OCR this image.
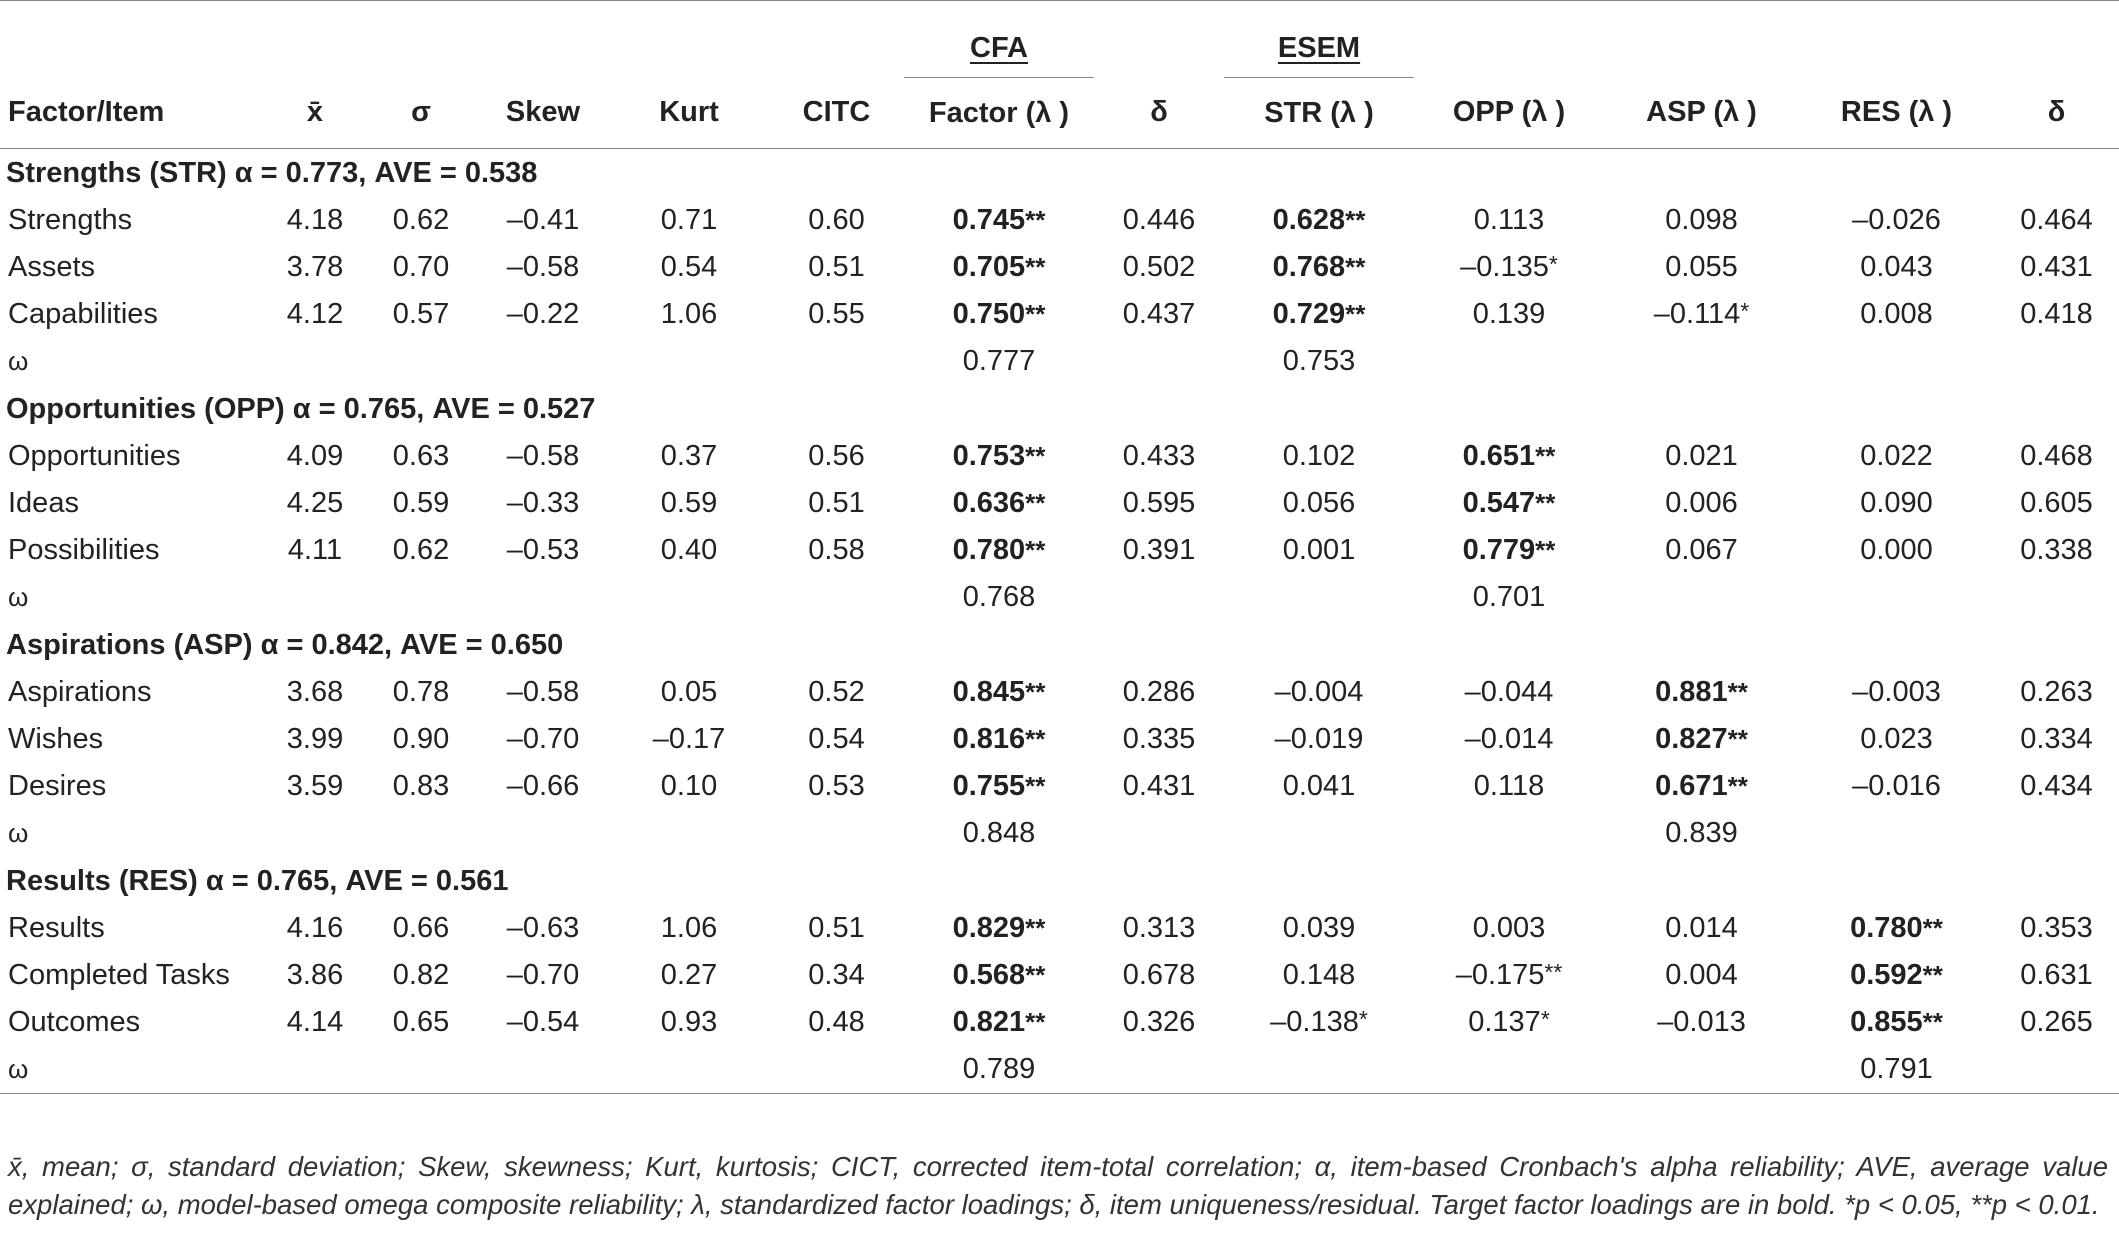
						CFA		ESEM				

Factor/Item	x̄	σ	Skew	Kurt	CITC	Factor (λ )	δ	STR (λ )	OPP (λ )	ASP (λ )	RES (λ )	δ
Strengths (STR) α = 0.773, AVE = 0.538												
Strengths	4.18	0.62	–0.41	0.71	0.60	0.745**	0.446	0.628**	0.113	0.098	–0.026	0.464
Assets	3.78	0.70	–0.58	0.54	0.51	0.705**	0.502	0.768**	–0.135*	0.055	0.043	0.431
Capabilities	4.12	0.57	–0.22	1.06	0.55	0.750**	0.437	0.729**	0.139	–0.114*	0.008	0.418
ω						0.777		0.753				
Opportunities (OPP) α = 0.765, AVE = 0.527												
Opportunities	4.09	0.63	–0.58	0.37	0.56	0.753**	0.433	0.102	0.651**	0.021	0.022	0.468
Ideas	4.25	0.59	–0.33	0.59	0.51	0.636**	0.595	0.056	0.547**	0.006	0.090	0.605
Possibilities	4.11	0.62	–0.53	0.40	0.58	0.780**	0.391	0.001	0.779**	0.067	0.000	0.338
ω						0.768			0.701			
Aspirations (ASP) α = 0.842, AVE = 0.650												
Aspirations	3.68	0.78	–0.58	0.05	0.52	0.845**	0.286	–0.004	–0.044	0.881**	–0.003	0.263
Wishes	3.99	0.90	–0.70	–0.17	0.54	0.816**	0.335	–0.019	–0.014	0.827**	0.023	0.334
Desires	3.59	0.83	–0.66	0.10	0.53	0.755**	0.431	0.041	0.118	0.671**	–0.016	0.434
ω						0.848				0.839		
Results (RES) α = 0.765, AVE = 0.561												
Results	4.16	0.66	–0.63	1.06	0.51	0.829**	0.313	0.039	0.003	0.014	0.780**	0.353
Completed Tasks	3.86	0.82	–0.70	0.27	0.34	0.568**	0.678	0.148	–0.175**	0.004	0.592**	0.631
Outcomes	4.14	0.65	–0.54	0.93	0.48	0.821**	0.326	–0.138*	0.137*	–0.013	0.855**	0.265
ω						0.789					0.791	
x̄, mean; σ, standard deviation; Skew, skewness; Kurt, kurtosis; CICT, corrected item-total correlation; α, item-based Cronbach's alpha reliability; AVE, average value explained; ω, model-based omega composite reliability; λ, standardized factor loadings; δ, item uniqueness/residual. Target factor loadings are in bold. *p < 0.05, **p < 0.01.
